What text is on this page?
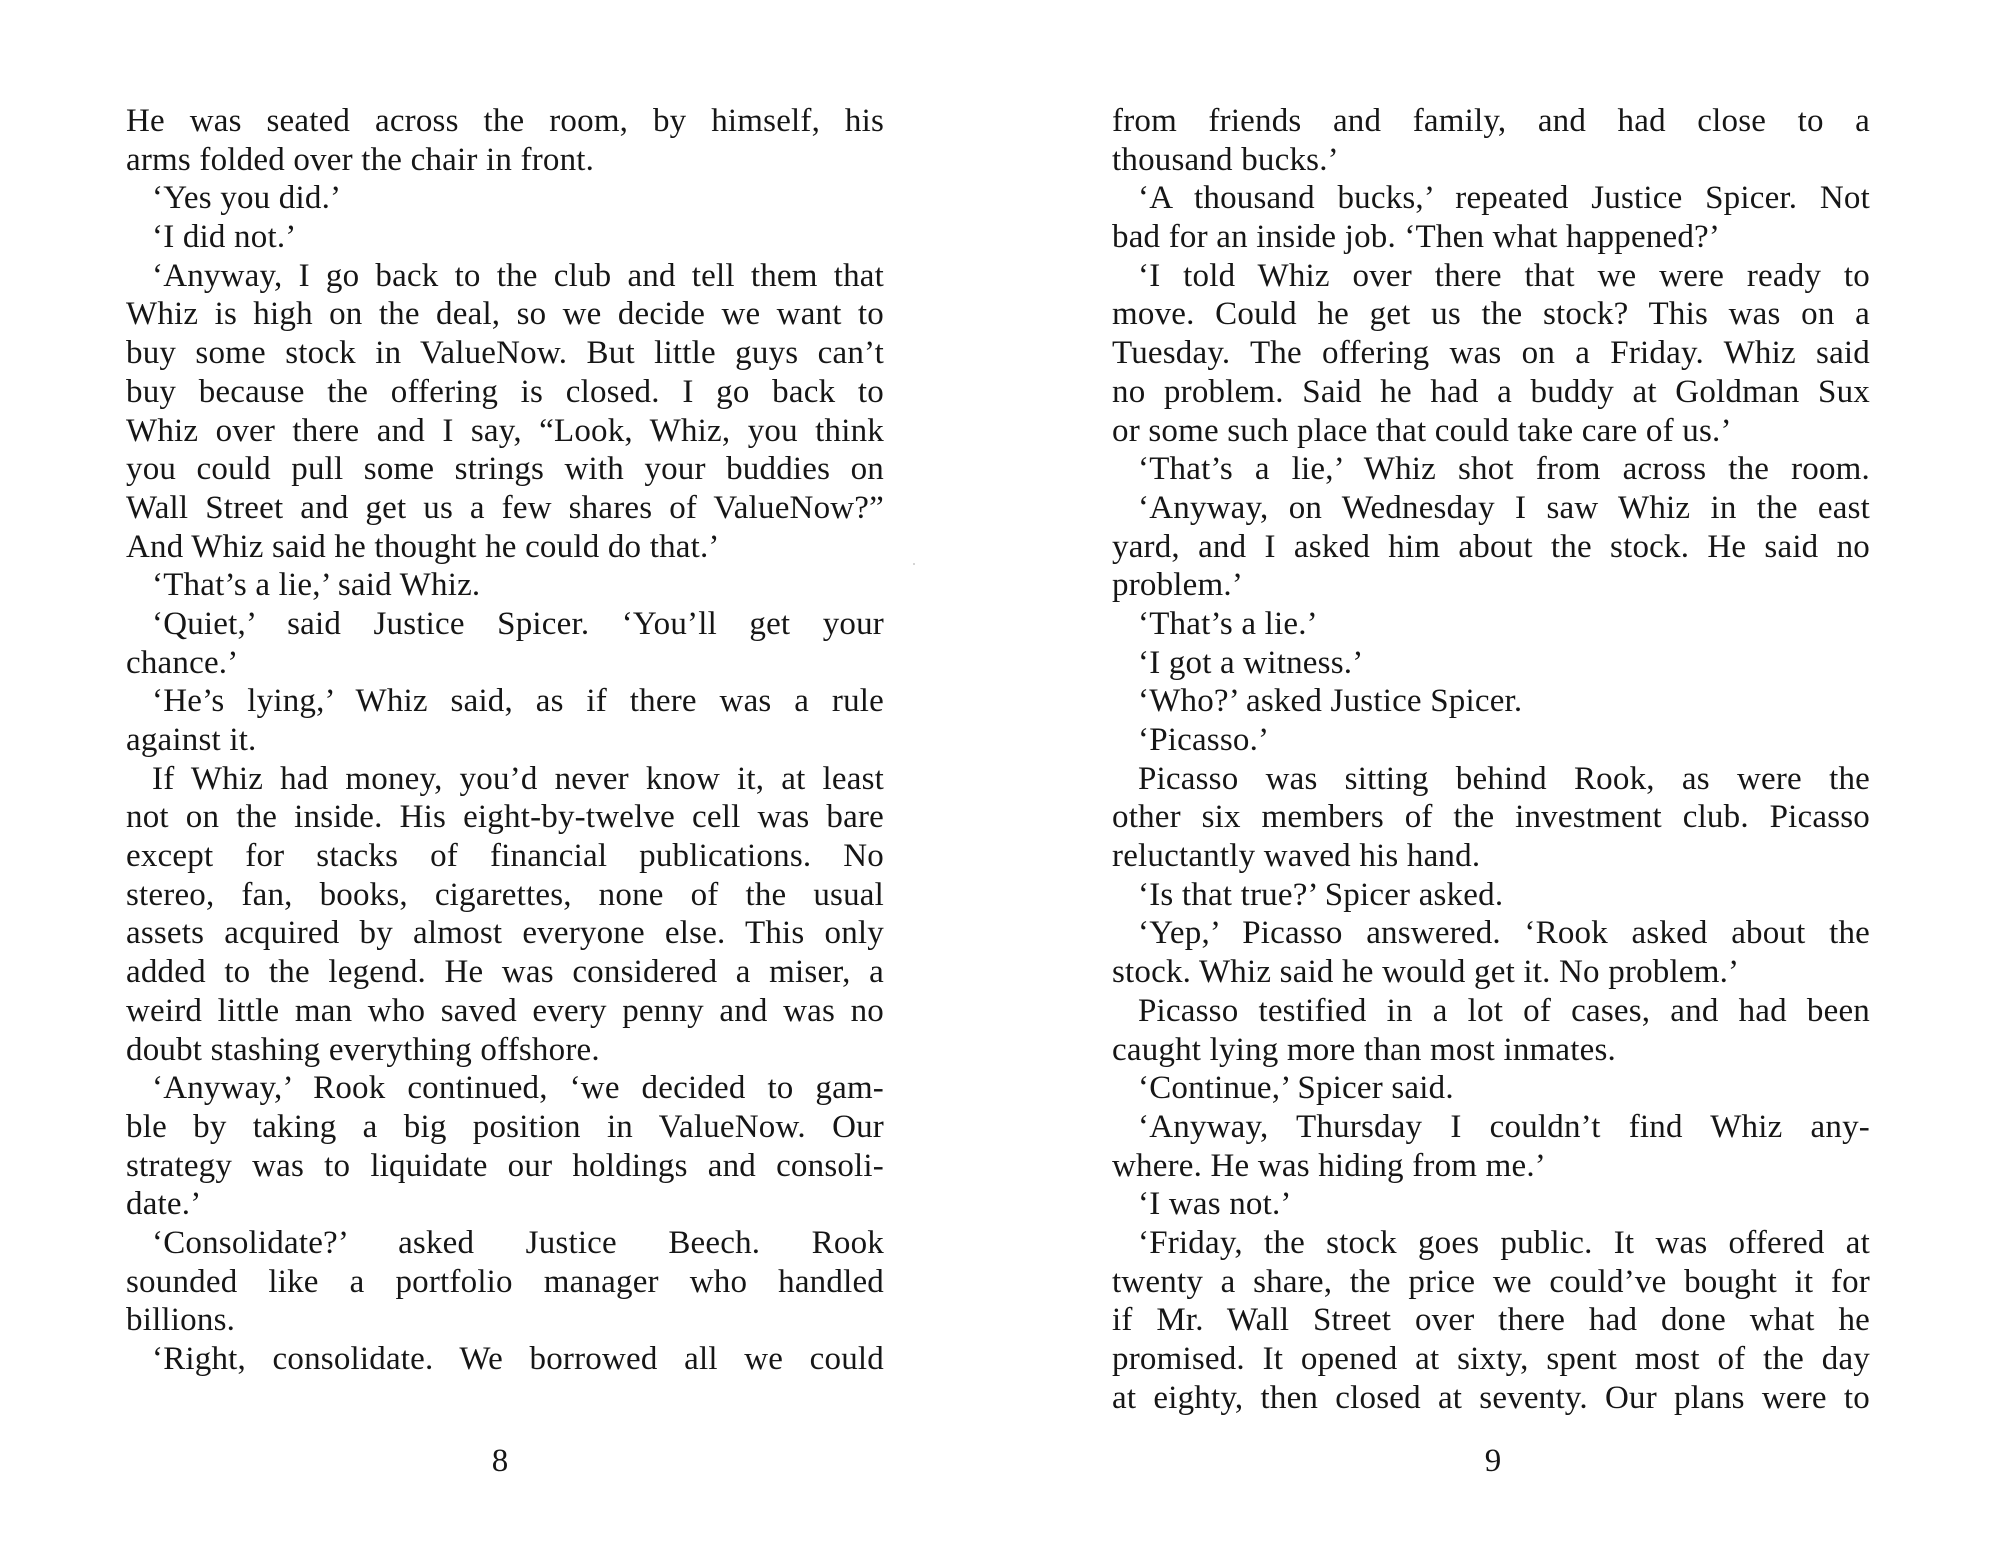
He was seated across the room, by himself, his
arms folded over the chair in front.
‘Yes you did.’
‘I did not.’
‘Anyway, I go back to the club and tell them that
Whiz is high on the deal, so we decide we want to
buy some stock in ValueNow. But little guys can’t
buy because the offering is closed. I go back to
Whiz over there and I say, “Look, Whiz, you think
you could pull some strings with your buddies on
Wall Street and get us a few shares of ValueNow?”
And Whiz said he thought he could do that.’
‘That’s a lie,’ said Whiz.
‘Quiet,’ said Justice Spicer. ‘You’ll get your
chance.’
‘He’s lying,’ Whiz said, as if there was a rule
against it.
If Whiz had money, you’d never know it, at least
not on the inside. His eight-by-twelve cell was bare
except for stacks of financial publications. No
stereo, fan, books, cigarettes, none of the usual
assets acquired by almost everyone else. This only
added to the legend. He was considered a miser, a
weird little man who saved every penny and was no
doubt stashing everything offshore.
‘Anyway,’ Rook continued, ‘we decided to gam-
ble by taking a big position in ValueNow. Our
strategy was to liquidate our holdings and consoli-
date.’
‘Consolidate?’ asked Justice Beech. Rook
sounded like a portfolio manager who handled
billions.
‘Right, consolidate. We borrowed all we could
8
from friends and family, and had close to a
thousand bucks.’
‘A thousand bucks,’ repeated Justice Spicer. Not
bad for an inside job. ‘Then what happened?’
‘I told Whiz over there that we were ready to
move. Could he get us the stock? This was on a
Tuesday. The offering was on a Friday. Whiz said
no problem. Said he had a buddy at Goldman Sux
or some such place that could take care of us.’
‘That’s a lie,’ Whiz shot from across the room.
‘Anyway, on Wednesday I saw Whiz in the east
yard, and I asked him about the stock. He said no
problem.’
‘That’s a lie.’
‘I got a witness.’
‘Who?’ asked Justice Spicer.
‘Picasso.’
Picasso was sitting behind Rook, as were the
other six members of the investment club. Picasso
reluctantly waved his hand.
‘Is that true?’ Spicer asked.
‘Yep,’ Picasso answered. ‘Rook asked about the
stock. Whiz said he would get it. No problem.’
Picasso testified in a lot of cases, and had been
caught lying more than most inmates.
‘Continue,’ Spicer said.
‘Anyway, Thursday I couldn’t find Whiz any-
where. He was hiding from me.’
‘I was not.’
‘Friday, the stock goes public. It was offered at
twenty a share, the price we could’ve bought it for
if Mr. Wall Street over there had done what he
promised. It opened at sixty, spent most of the day
at eighty, then closed at seventy. Our plans were to
9
